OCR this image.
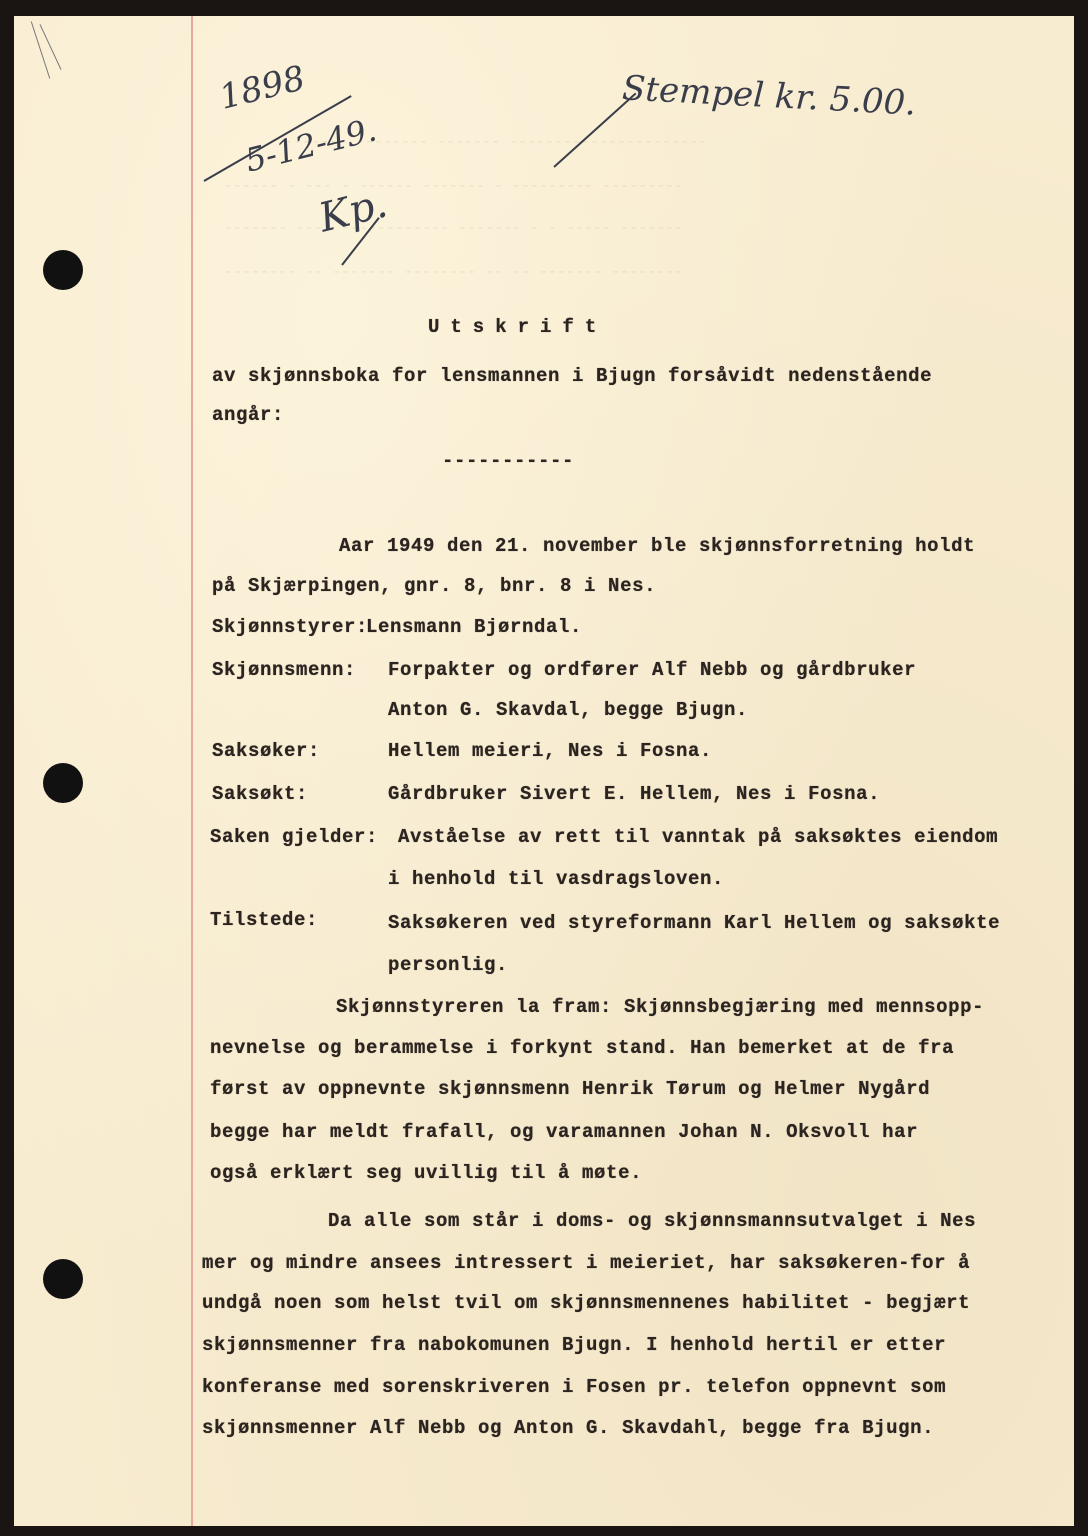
------- -------- ------- ----------------------
------ - --- - ------ ------- - --------- ---------
------- ---- ------------ ------- - - ----- -------
-------- -- ------- -------- -- -- ------- --------
1898
5-12-49.
Kp.
Stempel kr. 5.00.
Utskrift
av skjønnsboka for lensmannen i Bjugn forsåvidt nedenstående
angår:
-----------
Aar 1949 den 21. november ble skjønnsforretning holdt
på Skjærpingen, gnr. 8, bnr. 8 i Nes.
Skjønnstyrer:
Lensmann Bjørndal.
Skjønnsmenn: Forpakter og ordfører Alf Nebb og gårdbruker
Anton G. Skavdal, begge Bjugn.
Saksøker:	Hellem meieri, Nes i Fosna.
Saksøkt:	Gårdbruker Sivert E. Hellem, Nes i Fosna.
Saken gjelder: Avståelse av rett til vanntak på saksøktes eiendom
i henhold til vasdragsloven.
Tilstede:	Saksøkeren ved styreformann Karl Hellem og saksøkte
personlig.
Skjønnstyreren la fram: Skjønnsbegjæring med mennsopp-
nevnelse og berammelse i forkynt stand. Han bemerket at de fra
først av oppnevnte skjønnsmenn Henrik Tørum og Helmer Nygård
begge har meldt frafall, og varamannen Johan N. Oksvoll har
også erklært seg uvillig til å møte.
Da alle som står i doms- og skjønnsmannsutvalget i Nes
mer og mindre ansees intressert i meieriet, har saksøkeren-for å
undgå noen som helst tvil om skjønnsmennenes habilitet - begjært
skjønnsmenner fra nabokomunen Bjugn. I henhold hertil er etter
konferanse med sorenskriveren i Fosen pr. telefon oppnevnt som
skjønnsmenner Alf Nebb og Anton G. Skavdahl, begge fra Bjugn.
